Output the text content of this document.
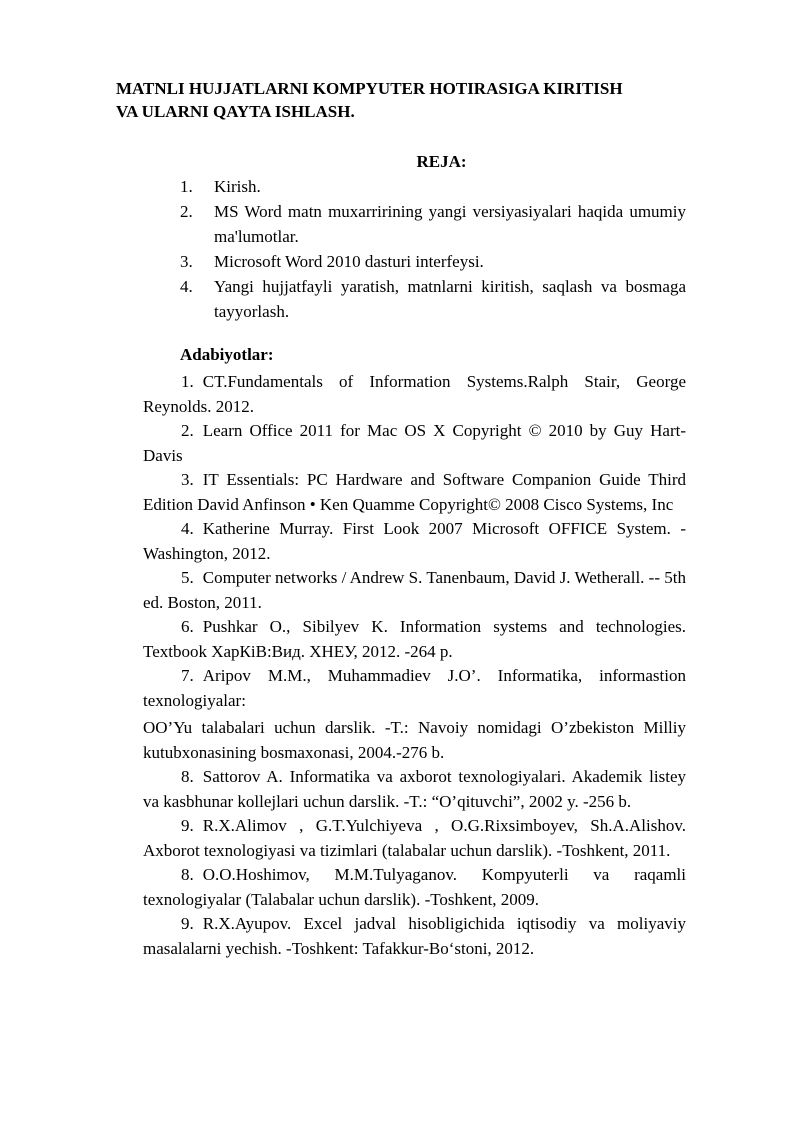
MATNLI HUJJATLARNI KOMPYUTER HOTIRASIGA KIRITISH
VA ULARNI QAYTA ISHLASH.
REJA:
1. Kirish.
2. MS Word matn muxarririning yangi versiyasiyalari haqida umumiy ma'lumotlar.
3. Microsoft Word 2010 dasturi interfeysi.
4. Yangi hujjatfayli yaratish, matnlarni kiritish, saqlash va bosmaga tayyorlash.
Adabiyotlar:
1. CT.Fundamentals of Information Systems.Ralph Stair, George Reynolds. 2012.
2. Learn Office 2011 for Mac OS X Copyright © 2010 by Guy Hart-Davis
3. IT Essentials: PC Hardware and Software Companion Guide Third Edition David Anfinson • Ken Quamme Copyright© 2008 Cisco Systems, Inc
4. Katherine Murray. First Look 2007 Microsoft OFFICE System. -Washington, 2012.
5. Computer networks / Andrew S. Tanenbaum, David J. Wetherall. -- 5th ed. Boston, 2011.
6. Pushkar O., Sibilyev K. Information systems and technologies. Textbook ХарКіВ:Вид. ХНЕУ, 2012. -264 p.
7. Aripov M.M., Muhammadiev J.O’. Informatika, informastion texnologiyalar:
OO’Yu talabalari uchun darslik. -T.: Navoiy nomidagi O’zbekiston Milliy kutubxonasining bosmaxonasi, 2004.-276 b.
8. Sattorov A. Informatika va axborot texnologiyalari. Akademik listey va kasbhunar kollejlari uchun darslik. -T.: “O’qituvchi”, 2002 y. -256 b.
9. R.X.Alimov , G.T.Yulchiyeva , O.G.Rixsimboyev, Sh.A.Alishov. Axborot texnologiyasi va tizimlari (talabalar uchun darslik). -Toshkent, 2011.
8. O.O.Hoshimov, M.M.Tulyaganov. Kompyuterli va raqamli texnologiyalar (Talabalar uchun darslik). -Toshkent, 2009.
9. R.X.Ayupov. Excel jadval hisobligichida iqtisodiy va moliyaviy masalalarni yechish. -Toshkent: Tafakkur-Bo‘stoni, 2012.
